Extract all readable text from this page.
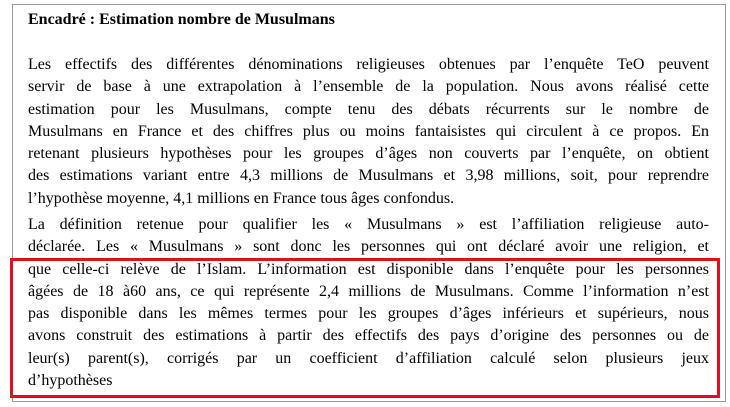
Encadré : Estimation nombre de Musulmans

Les effectifs des différentes dénominations religieuses obtenues par l’enquête TeO peuvent
servir de base à une extrapolation à l’ensemble de la population. Nous avons réalisé cette
estimation pour les Musulmans, compte tenu des débats récurrents sur le nombre de
Musulmans en France et des chiffres plus ou moins fantaisistes qui circulent à ce propos. En
retenant plusieurs hypothèses pour les groupes d’âges non couverts par l’enquête, on obtient
des estimations variant entre 4,3 millions de Musulmans et 3,98 millions, soit, pour reprendre
l’hypothèse moyenne, 4,1 millions en France tous âges confondus.

La définition retenue pour qualifier les « Musulmans » est l’affiliation religieuse auto-
déclarée. Les « Musulmans » sont donc les personnes qui ont déclaré avoir une religion, et
que celle-ci relève de l’Islam. L’information est disponible dans l’enquête pour les personnes
âgées de 18 à60 ans, ce qui représente 2,4 millions de Musulmans. Comme l’information n’est
pas disponible dans les mêmes termes pour les groupes d’âges inférieurs et supérieurs, nous
avons construit des estimations à partir des effectifs des pays d’origine des personnes ou de
leur(s) parent(s), corrigés par un coefficient d’affiliation calculé selon plusieurs jeux
d’hypothèses
